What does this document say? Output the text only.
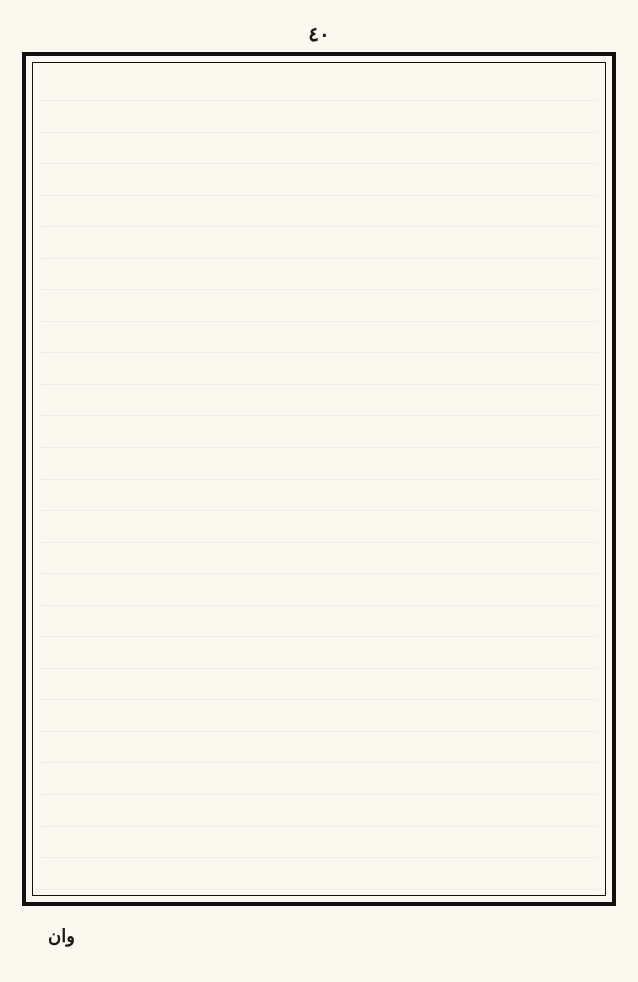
٤٠
وان
